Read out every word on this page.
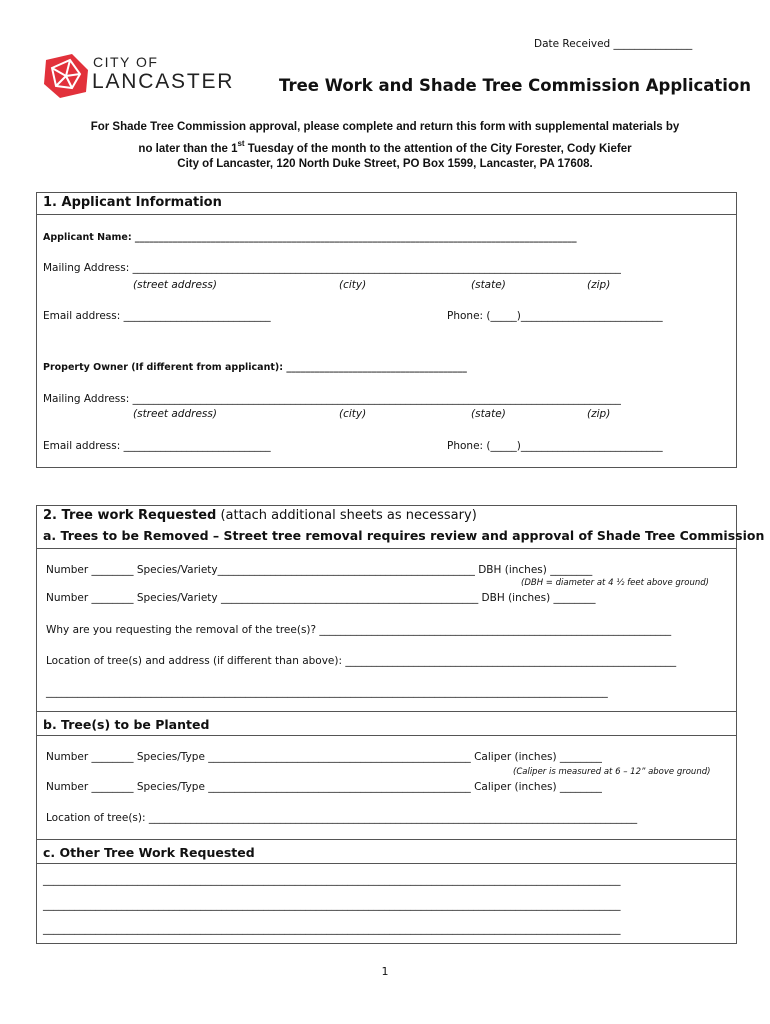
Date Received _______________
CITY OF
LANCASTER	Tree Work and Shade Tree Commission Application
For Shade Tree Commission approval, please complete and return this form with supplemental materials by
no later than the 1st Tuesday of the month to the attention of the City Forester, Cody Kiefer
City of Lancaster, 120 North Duke Street, PO Box 1599, Lancaster, PA 17608.
1. Applicant Information
Applicant Name: _____________________________________________________________________________________________
Mailing Address: _____________________________________________________________________________________________
(street address)	(city)	(state)	(zip)
Email address: ____________________________	Phone: (_____)___________________________
Property Owner (If different from applicant): ______________________________________
Mailing Address: _____________________________________________________________________________________________
(street address)	(city)	(state)	(zip)
Email address: ____________________________	Phone: (_____)___________________________
2. Tree work Requested (attach additional sheets as necessary)
a. Trees to be Removed – Street tree removal requires review and approval of Shade Tree Commission
Number ________ Species/Variety_________________________________________________ DBH (inches) ________
(DBH = diameter at 4 ½ feet above ground)
Number ________ Species/Variety _________________________________________________ DBH (inches) ________
Why are you requesting the removal of the tree(s)? ___________________________________________________________________
Location of tree(s) and address (if different than above): _______________________________________________________________
___________________________________________________________________________________________________________
b. Tree(s) to be Planted
Number ________ Species/Type __________________________________________________ Caliper (inches) ________
(Caliper is measured at 6 – 12” above ground)
Number ________ Species/Type __________________________________________________ Caliper (inches) ________
Location of tree(s): _____________________________________________________________________________________________
c. Other Tree Work Requested
______________________________________________________________________________________________________________
______________________________________________________________________________________________________________
______________________________________________________________________________________________________________
1
